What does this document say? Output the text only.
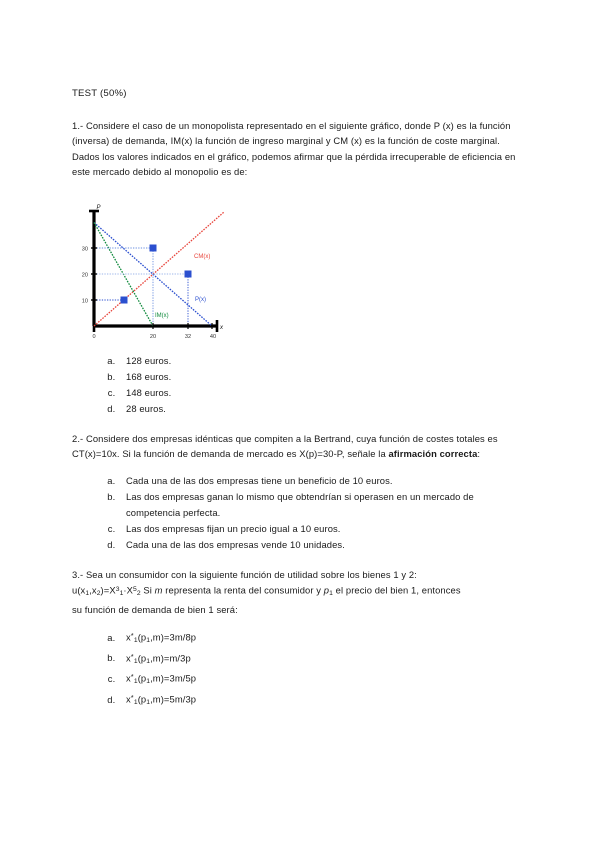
TEST (50%)

1.- Considere el caso de un monopolista representado en el siguiente gráfico, donde P (x) es la función (inversa) de demanda, IM(x) la función de ingreso marginal y CM (x) es la función de coste marginal. Dados los valores indicados en el gráfico, podemos afirmar que la pérdida irrecuperable de eficiencia en este mercado debido al monopolio es de:

P
x
30
20
10
0	20	32	40
CM(x)
P(x)
IM(x)
a. 128 euros.
b. 168 euros.
c. 148 euros.
d. 28 euros.

2.- Considere dos empresas idénticas que compiten a la Bertrand, cuya función de costes totales es CT(x)=10x. Si la función de demanda de mercado es X(p)=30-P, señale la afirmación correcta:

a. Cada una de las dos empresas tiene un beneficio de 10 euros.
b. Las dos empresas ganan lo mismo que obtendrían si operasen en un mercado de competencia perfecta.
c. Las dos empresas fijan un precio igual a 10 euros.
d. Cada una de las dos empresas vende 10 unidades.

3.- Sea un consumidor con la siguiente función de utilidad sobre los bienes 1 y 2:
$u(x_1,x_2)=X^3_1\cdot X^5_2$ Si m representa la renta del consumidor y $p_1$ el precio del bien 1, entonces
su función de demanda de bien 1 será:

a. $x^*_1(p_1,m)=3m/8p$
b. $x^*_1(p_1,m)=m/3p$
c. $x^*_1(p_1,m)=3m/5p$
d. $x^*_1(p_1,m)=5m/3p$
